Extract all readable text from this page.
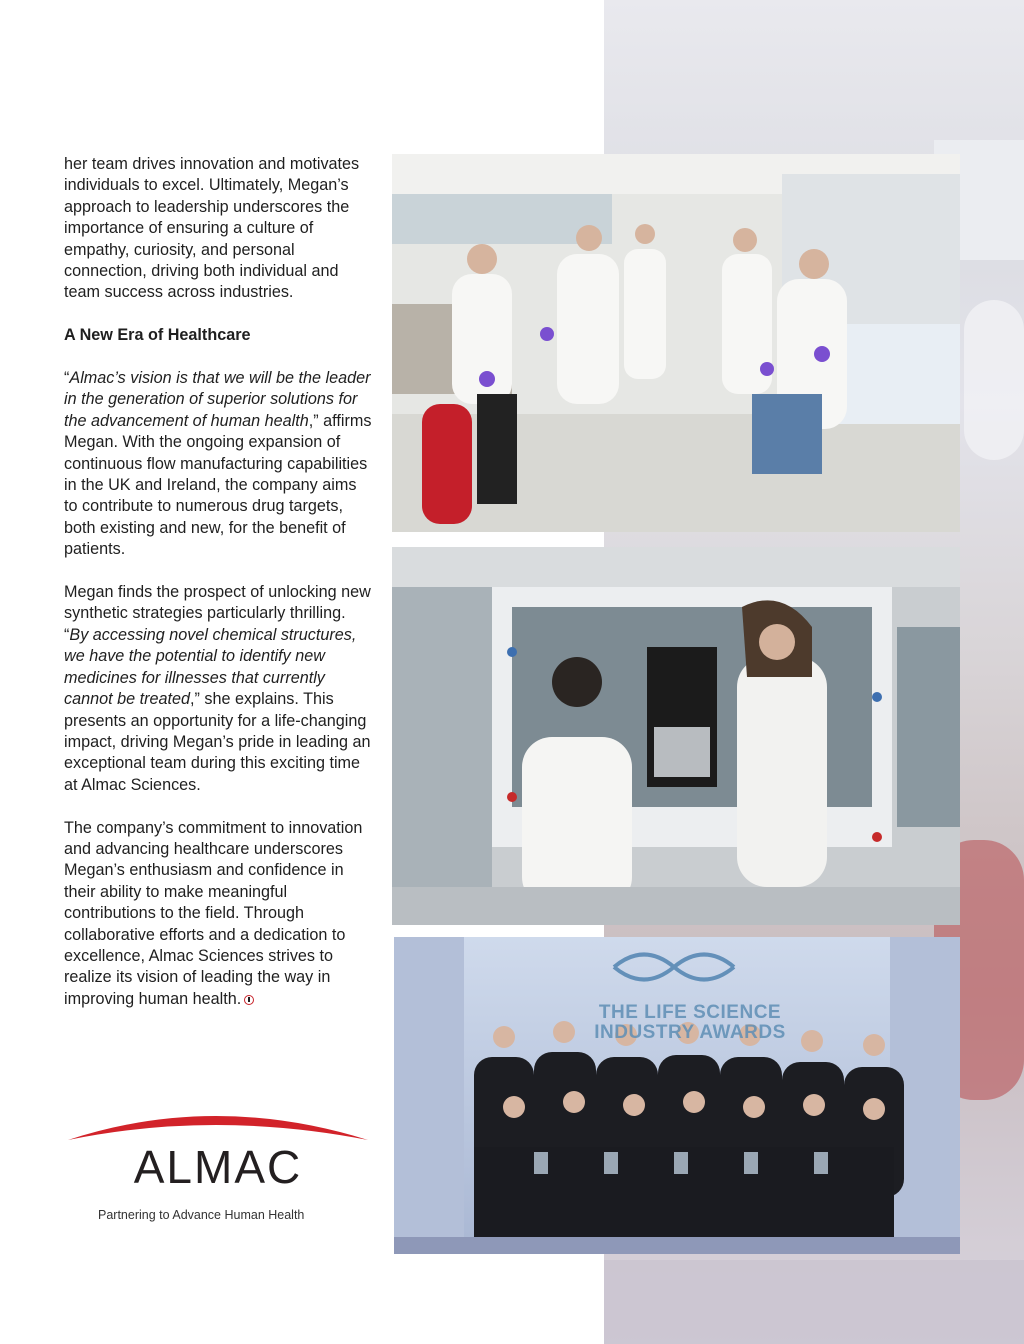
her team drives innovation and motivates individuals to excel. Ultimately, Megan’s approach to leadership underscores the importance of ensuring a culture of empathy, curiosity, and personal connection, driving both individual and team success across industries.

A New Era of Healthcare

“Almac’s vision is that we will be the leader in the generation of superior solutions for the advancement of human health,” affirms Megan. With the ongoing expansion of continuous flow manufacturing capabilities in the UK and Ireland, the company aims to contribute to numerous drug targets, both existing and new, for the benefit of patients.

Megan finds the prospect of unlocking new synthetic strategies particularly thrilling. “By accessing novel chemical structures, we have the potential to identify new medicines for illnesses that currently cannot be treated,” she explains. This presents an opportunity for a life-changing impact, driving Megan’s pride in leading an exceptional team during this exciting time at Almac Sciences.

The company’s commitment to innovation and advancing healthcare underscores Megan’s enthusiasm and confidence in their ability to make meaningful contributions to the field. Through collaborative efforts and a dedication to excellence, Almac Sciences strives to realize its vision of leading the way in improving human health.

ALMAC
Partnering to Advance Human Health
THE LIFE SCIENCE
INDUSTRY AWARDS
